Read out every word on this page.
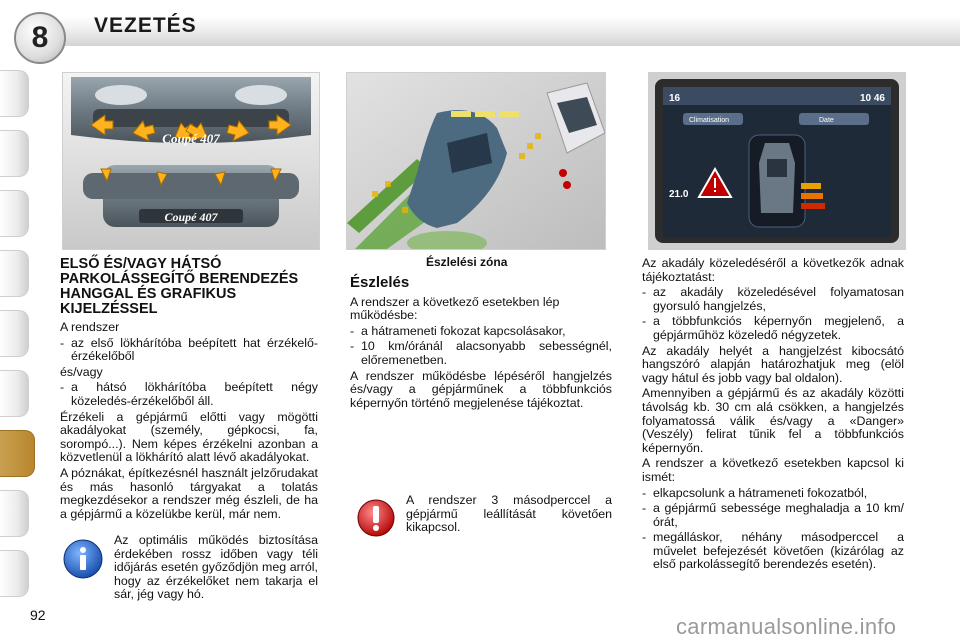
8 VEZETÉS
Coupé 407
Coupé 407
16	10 46
Climatisation	Date
21.0
Észlelési zóna
ELSŐ ÉS/VAGY HÁTSÓ PARKOLÁSSEGÍTŐ BERENDEZÉS HANGGAL ÉS GRAFIKUS KIJELZÉSSEL

A rendszer

- az első lökhárítóba beépített hat érzékelő-érzékelőből

és/vagy

- a hátsó lökhárítóba beépített négy közeledés-érzékelőből áll.

Érzékeli a gépjármű előtti vagy mögötti akadályokat (személy, gépkocsi, fa, sorompó...). Nem képes érzékelni azonban a közvetlenül a lökhárító alatt lévő akadályokat.

A póznákat, építkezésnél használt jelzőrudakat és más hasonló tárgyakat a tolatás megkezdésekor a rendszer még észleli, de ha a gépjármű a közelükbe kerül, már nem.

Az optimális működés biztosítása érdekében rossz időben vagy téli időjárás esetén győződjön meg arról, hogy az érzékelőket nem takarja el sár, jég vagy hó.
Észlelés

A rendszer a következő esetekben lép működésbe:

- a hátrameneti fokozat kapcsolásakor,
- 10 km/óránál alacsonyabb sebességnél, előremenetben.

A rendszer működésbe lépéséről hangjelzés és/vagy a gépjárműnek a többfunkciós képernyőn történő megjelenése tájékoztat.

A rendszer 3 másodperccel a gépjármű leállítását követően kikapcsol.

Az akadály közeledéséről a következők adnak tájékoztatást:

- az akadály közeledésével folyamatosan gyorsuló hangjelzés,
- a többfunkciós képernyőn megjelenő, a gépjárműhöz közeledő négyzetek.

Az akadály helyét a hangjelzést kibocsátó hangszóró alapján határozhatjuk meg (elöl vagy hátul és jobb vagy bal oldalon).

Amennyiben a gépjármű és az akadály közötti távolság kb. 30 cm alá csökken, a hangjelzés folyamatossá válik és/vagy a «Danger» (Veszély) felirat tűnik fel a többfunkciós képernyőn.

A rendszer a következő esetekben kapcsol ki ismét:

- elkapcsolunk a hátrameneti fokozatból,
- a gépjármű sebessége meghaladja a 10 km/órát,
- megálláskor, néhány másodperccel a művelet befejezését követően (kizárólag az első parkolássegítő berendezés esetén).
92	carmanualsonline.info
